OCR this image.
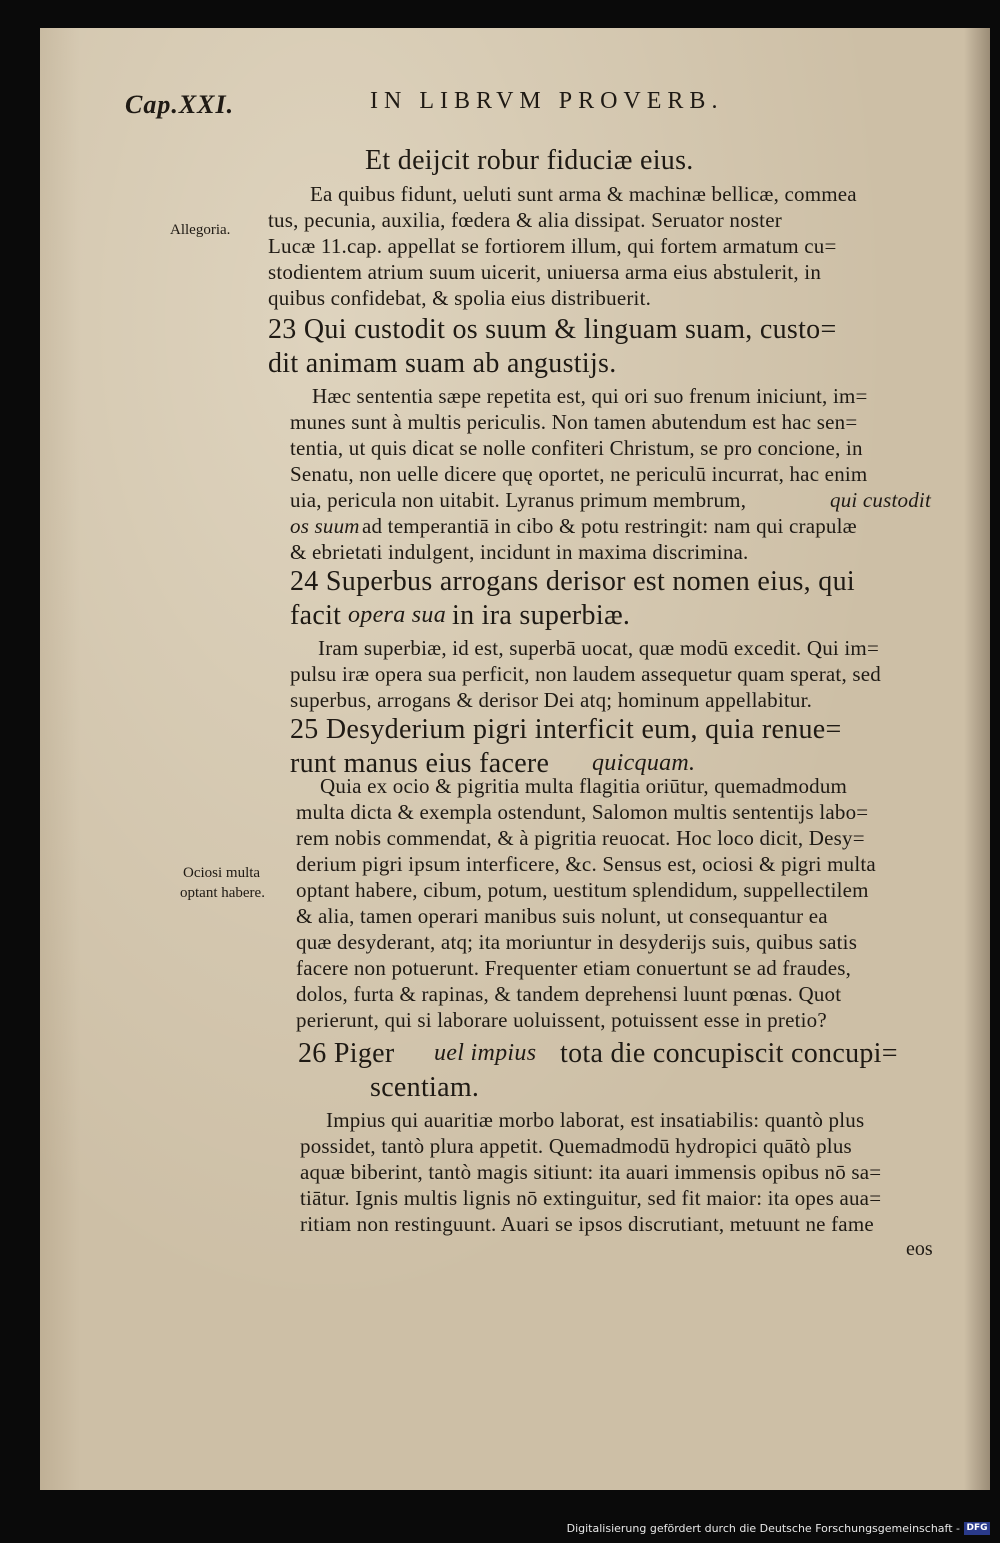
Cap.XXI.	IN LIBRVM PROVERB.
Allegoria.
Ociosi multa
optant habere.
Et deijcit robur fiduciæ eius.
Ea quibus fidunt, ueluti sunt arma & machinæ bellicæ, commea
tus, pecunia, auxilia, fœdera & alia dissipat. Seruator noster
Lucæ 11.cap. appellat se fortiorem illum, qui fortem armatum cu=
stodientem atrium suum uicerit, uniuersa arma eius abstulerit, in
quibus confidebat, & spolia eius distribuerit.
23 Qui custodit os suum & linguam suam, custo=
dit animam suam ab angustijs.
Hæc sententia sæpe repetita est, qui ori suo frenum iniciunt, im=
munes sunt à multis periculis. Non tamen abutendum est hac sen=
tentia, ut quis dicat se nolle confiteri Christum, se pro concione, in
Senatu, non uelle dicere quę oportet, ne periculū incurrat, hac enim
uia, pericula non uitabit. Lyranus primum membrum,	qui custodit
os suum ad temperantiā in cibo & potu restringit: nam qui crapulæ
& ebrietati indulgent, incidunt in maxima discrimina.
24 Superbus arrogans derisor est nomen eius, qui
facit opera sua in ira superbiæ.
Iram superbiæ, id est, superbā uocat, quæ modū excedit. Qui im=
pulsu iræ opera sua perficit, non laudem assequetur quam sperat, sed
superbus, arrogans & derisor Dei atq; hominum appellabitur.
25 Desyderium pigri interficit eum, quia renue=
runt manus eius facere quicquam.
Quia ex ocio & pigritia multa flagitia oriūtur, quemadmodum
multa dicta & exempla ostendunt, Salomon multis sententijs labo=
rem nobis commendat, & à pigritia reuocat. Hoc loco dicit, Desy=
derium pigri ipsum interficere, &c. Sensus est, ociosi & pigri multa
optant habere, cibum, potum, uestitum splendidum, suppellectilem
& alia, tamen operari manibus suis nolunt, ut consequantur ea
quæ desyderant, atq; ita moriuntur in desyderijs suis, quibus satis
facere non potuerunt. Frequenter etiam conuertunt se ad fraudes,
dolos, furta & rapinas, & tandem deprehensi luunt pœnas. Quot
perierunt, qui si laborare uoluissent, potuissent esse in pretio?
26 Piger uel impius tota die concupiscit concupi=
scentiam.
Impius qui auaritiæ morbo laborat, est insatiabilis: quantò plus
possidet, tantò plura appetit. Quemadmodū hydropici quātò plus
aquæ biberint, tantò magis sitiunt: ita auari immensis opibus nō sa=
tiātur. Ignis multis lignis nō extinguitur, sed fit maior: ita opes aua=
ritiam non restinguunt. Auari se ipsos discrutiant, metuunt ne fame
eos
Digitalisierung gefördert durch die Deutsche Forschungsgemeinschaft - DFG
